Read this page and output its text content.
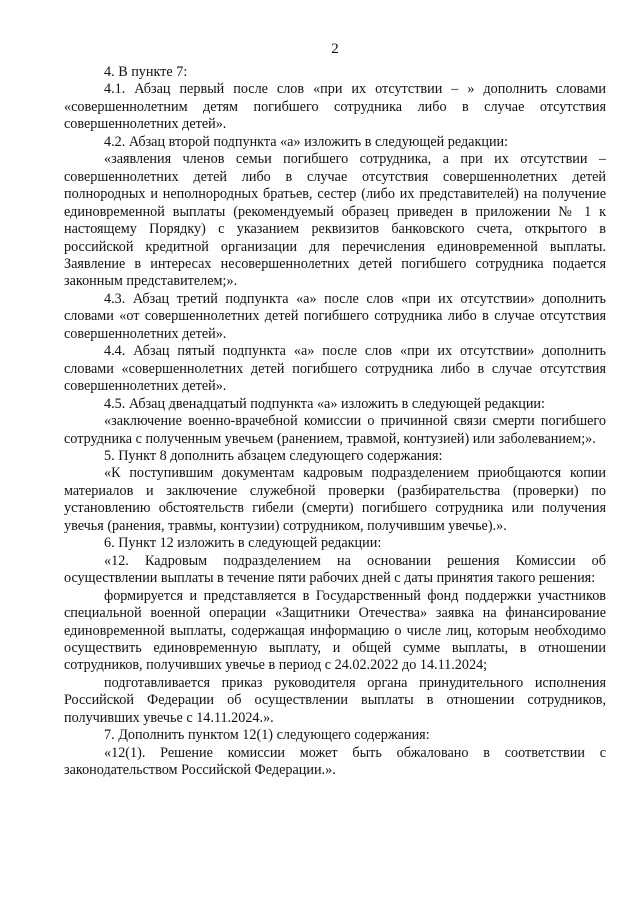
2

4. В пункте 7:

4.1. Абзац первый после слов «при их отсутствии – » дополнить словами «совершеннолетним детям погибшего сотрудника либо в случае отсутствия совершеннолетних детей».

4.2. Абзац второй подпункта «а» изложить в следующей редакции:

«заявления членов семьи погибшего сотрудника, а при их отсутствии – совершеннолетних детей либо в случае отсутствия совершеннолетних детей полнородных и неполнородных братьев, сестер (либо их представителей) на получение единовременной выплаты (рекомендуемый образец приведен в приложении № 1 к настоящему Порядку) с указанием реквизитов банковского счета, открытого в российской кредитной организации для перечисления единовременной выплаты. Заявление в интересах несовершеннолетних детей погибшего сотрудника подается законным представителем;».

4.3. Абзац третий подпункта «а» после слов «при их отсутствии» дополнить словами «от совершеннолетних детей погибшего сотрудника либо в случае отсутствия совершеннолетних детей».

4.4. Абзац пятый подпункта «а» после слов «при их отсутствии» дополнить словами «совершеннолетних детей погибшего сотрудника либо в случае отсутствия совершеннолетних детей».

4.5. Абзац двенадцатый подпункта «а» изложить в следующей редакции:

«заключение военно-врачебной комиссии о причинной связи смерти погибшего сотрудника с полученным увечьем (ранением, травмой, контузией) или заболеванием;».

5. Пункт 8 дополнить абзацем следующего содержания:

«К поступившим документам кадровым подразделением приобщаются копии материалов и заключение служебной проверки (разбирательства (проверки) по установлению обстоятельств гибели (смерти) погибшего сотрудника или получения увечья (ранения, травмы, контузии) сотрудником, получившим увечье).».

6. Пункт 12 изложить в следующей редакции:

«12. Кадровым подразделением на основании решения Комиссии об осуществлении выплаты в течение пяти рабочих дней с даты принятия такого решения:

формируется и представляется в Государственный фонд поддержки участников специальной военной операции «Защитники Отечества» заявка на финансирование единовременной выплаты, содержащая информацию о числе лиц, которым необходимо осуществить единовременную выплату, и общей сумме выплаты, в отношении сотрудников, получивших увечье в период с 24.02.2022 до 14.11.2024;

подготавливается приказ руководителя органа принудительного исполнения Российской Федерации об осуществлении выплаты в отношении сотрудников, получивших увечье с 14.11.2024.».

7. Дополнить пунктом 12(1) следующего содержания:

«12(1). Решение комиссии может быть обжаловано в соответствии с законодательством Российской Федерации.».
